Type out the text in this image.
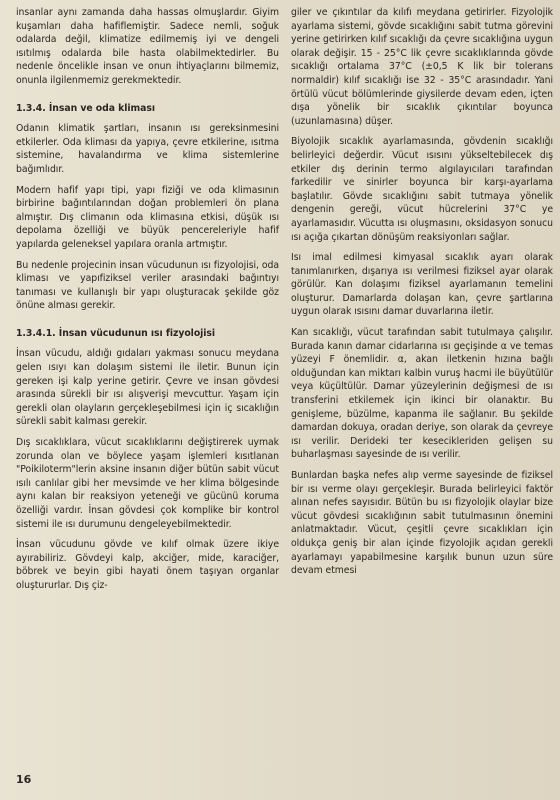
insanlar aynı zamanda daha hassas olmuşlardır. Giyim kuşamları daha hafiflemiştir. Sadece nemli, soğuk odalarda değil, klimatize edilmemiş iyi ve dengeli ısıtılmış odalarda bile hasta olabilmektedirler. Bu nedenle öncelikle insan ve onun ihtiyaçlarını bilmemiz, onunla ilgilenmemiz gerekmektedir.

1.3.4. İnsan ve oda kliması

Odanın klimatik şartları, insanın ısı gereksinmesini etkilerler. Oda kliması da yapıya, çevre etkilerine, ısıtma sistemine, havalandırma ve klima sistemlerine bağımlıdır.

Modern hafif yapı tipi, yapı fiziği ve oda klimasının birbirine bağıntılarından doğan problemleri ön plana almıştır. Dış climanın oda klimasına etkisi, düşük ısı depolama özelliği ve büyük pencereleriyle hafif yapılarda geleneksel yapılara oranla artmıştır.

Bu nedenle projecinin insan vücudunun ısı fizyolojisi, oda kliması ve yapıfiziksel veriler arasındaki bağıntıyı tanıması ve kullanışlı bir yapı oluşturacak şekilde göz önüne alması gerekir.

1.3.4.1. İnsan vücudunun ısı fizyolojisi

İnsan vücudu, aldığı gıdaları yakması sonucu meydana gelen ısıyı kan dolaşım sistemi ile iletir. Bunun için gereken işi kalp yerine getirir. Çevre ve insan gövdesi arasında sürekli bir ısı alışverişi mevcuttur. Yaşam için gerekli olan olayların gerçekleşebilmesi için iç sıcaklığın sürekli sabit kalması gerekir.

Dış sıcaklıklara, vücut sıcaklıklarını değiştirerek uymak zorunda olan ve böylece yaşam işlemleri kısıtlanan "Poikiloterm"lerin aksine insanın diğer bütün sabit vücut ısılı canlılar gibi her mevsimde ve her klima bölgesinde aynı kalan bir reaksiyon yeteneği ve gücünü koruma özelliği vardır. İnsan gövdesi çok komplike bir kontrol sistemi ile ısı durumunu dengeleyebilmektedir.

İnsan vücudunu gövde ve kılıf olmak üzere ikiye ayırabiliriz. Gövdeyi kalp, akciğer, mide, karaciğer, böbrek ve beyin gibi hayati önem taşıyan organlar oluştururlar. Dış çiz-

giler ve çıkıntılar da kılıfı meydana getirirler. Fizyolojik ayarlama sistemi, gövde sıcaklığını sabit tutma görevini yerine getirirken kılıf sıcaklığı da çevre sıcaklığına uygun olarak değişir. 15 - 25°C lik çevre sıcaklıklarında gövde sıcaklığı ortalama 37°C (±0,5 K lik bir tolerans normaldir) kılıf sıcaklığı ise 32 - 35°C arasındadır. Yani örtülü vücut bölümlerinde giysilerde devam eden, içten dışa yönelik bir sıcaklık çıkıntılar boyunca (uzunlamasına) düşer.

Biyolojik sıcaklık ayarlamasında, gövdenin sıcaklığı belirleyici değerdir. Vücut ısısını yükseltebilecek dış etkiler dış derinin termo algılayıcıları tarafından farkedilir ve sinirler boyunca bir karşı-ayarlama başlatılır. Gövde sıcaklığını sabit tutmaya yönelik dengenin gereği, vücut hücrelerini 37°C ye ayarlamasıdır. Vücutta ısı oluşmasını, oksidasyon sonucu ısı açığa çıkartan dönüşüm reaksiyonları sağlar.

Isı imal edilmesi kimyasal sıcaklık ayarı olarak tanımlanırken, dışarıya ısı verilmesi fiziksel ayar olarak görülür. Kan dolaşımı fiziksel ayarlamanın temelini oluşturur. Damarlarda dolaşan kan, çevre şartlarına uygun olarak ısısını damar duvarlarına iletir.

Kan sıcaklığı, vücut tarafından sabit tutulmaya çalışılır. Burada kanın damar cidarlarına ısı geçişinde α ve temas yüzeyi F önemlidir. α, akan iletkenin hızına bağlı olduğundan kan miktarı kalbin vuruş hacmi ile büyütülür veya küçültülür. Damar yüzeylerinin değişmesi de ısı transferini etkilemek için ikinci bir olanaktır. Bu genişleme, büzülme, kapanma ile sağlanır. Bu şekilde damardan dokuya, oradan deriye, son olarak da çevreye ısı verilir. Derideki ter kesecikleriden gelişen su buharlaşması sayesinde de ısı verilir.

Bunlardan başka nefes alıp verme sayesinde de fiziksel bir ısı verme olayı gerçekleşir. Burada belirleyici faktör alınan nefes sayısıdır. Bütün bu ısı fizyolojik olaylar bize vücut gövdesi sıcaklığının sabit tutulmasının önemini anlatmaktadır. Vücut, çeşitli çevre sıcaklıkları için oldukça geniş bir alan içinde fizyolojik açıdan gerekli ayarlamayı yapabilmesine karşılık bunun uzun süre devam etmesi

16
